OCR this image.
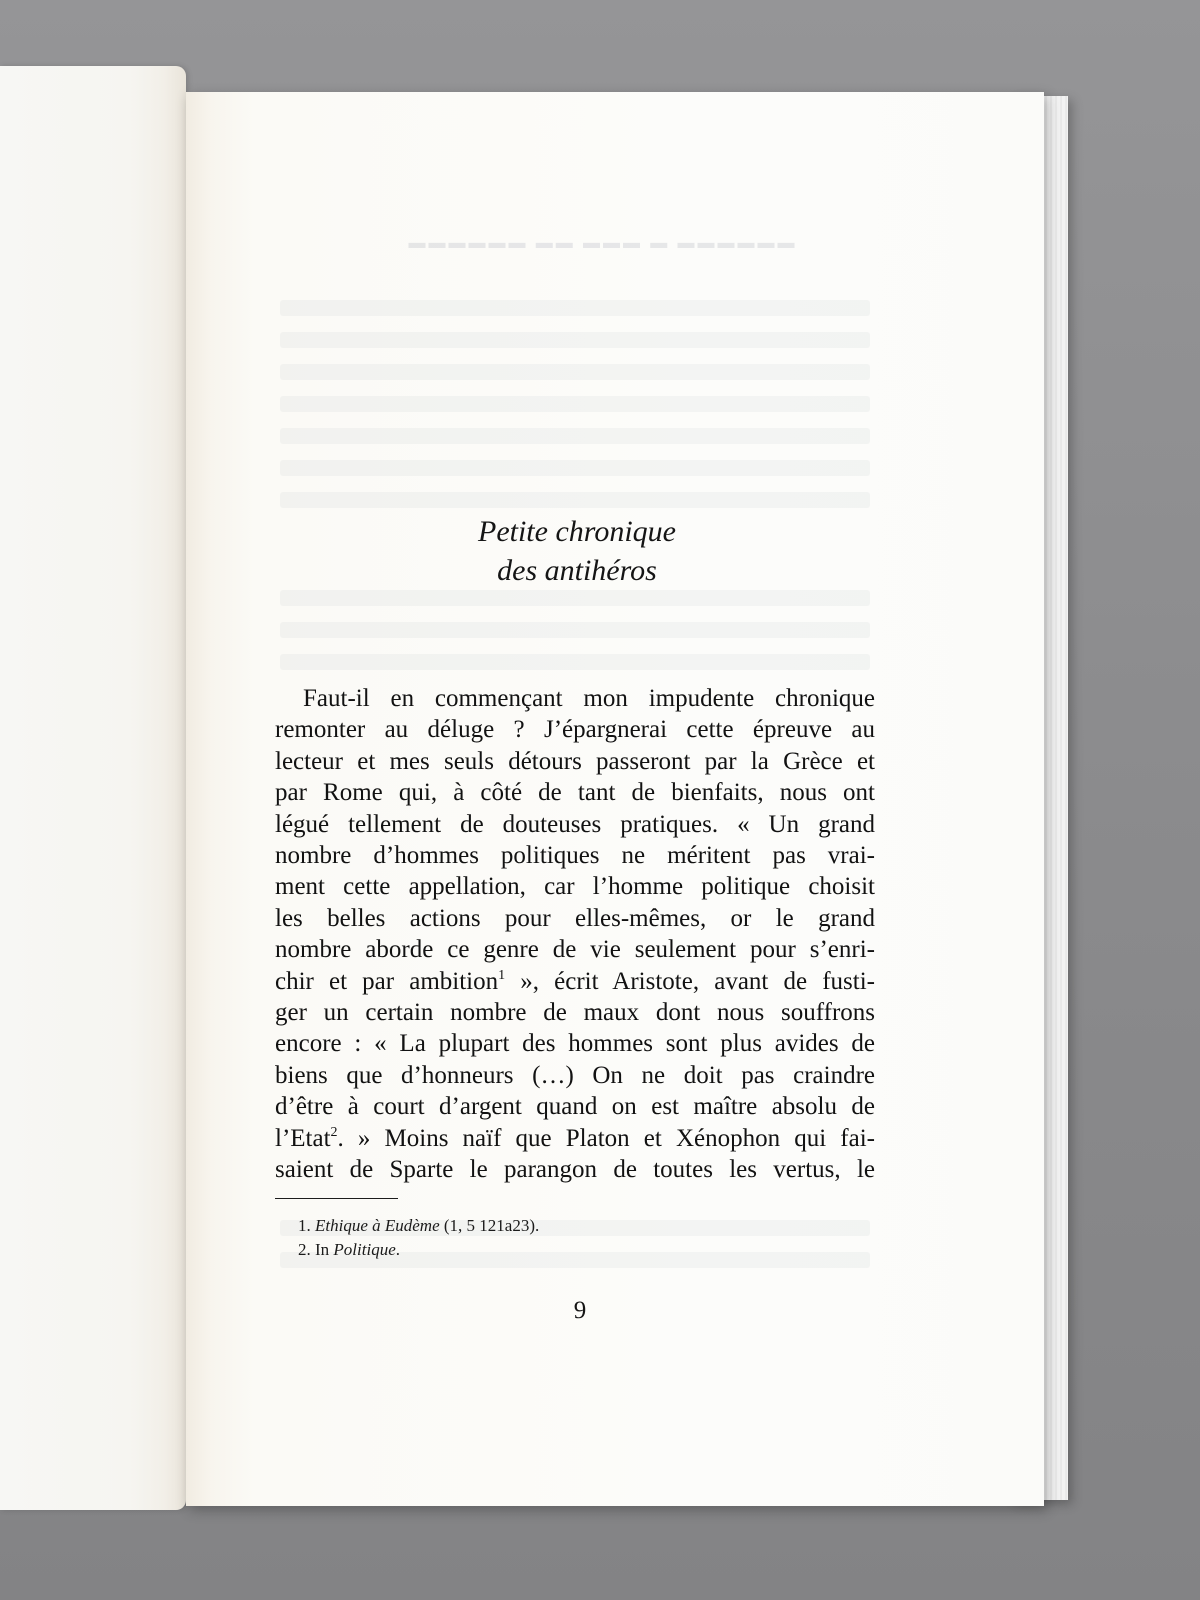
▬▬▬▬▬▬ ▬ ▬▬▬ ▬▬ ▬▬▬▬▬▬
Petite chronique
des antihéros
Faut-il en commençant mon impudente chronique
remonter au déluge ? J’épargnerai cette épreuve au
lecteur et mes seuls détours passeront par la Grèce et
par Rome qui, à côté de tant de bienfaits, nous ont
légué tellement de douteuses pratiques. « Un grand
nombre d’hommes politiques ne méritent pas vrai-
ment cette appellation, car l’homme politique choisit
les belles actions pour elles-mêmes, or le grand
nombre aborde ce genre de vie seulement pour s’enri-
chir et par ambition$^1$ », écrit Aristote, avant de fusti-
ger un certain nombre de maux dont nous souffrons
encore : « La plupart des hommes sont plus avides de
biens que d’honneurs (…) On ne doit pas craindre
d’être à court d’argent quand on est maître absolu de
l’Etat$^2$. » Moins naïf que Platon et Xénophon qui fai-
saient de Sparte le parangon de toutes les vertus, le
1. Ethique à Eudème (1, 5 121a23).
2. In Politique.
9
